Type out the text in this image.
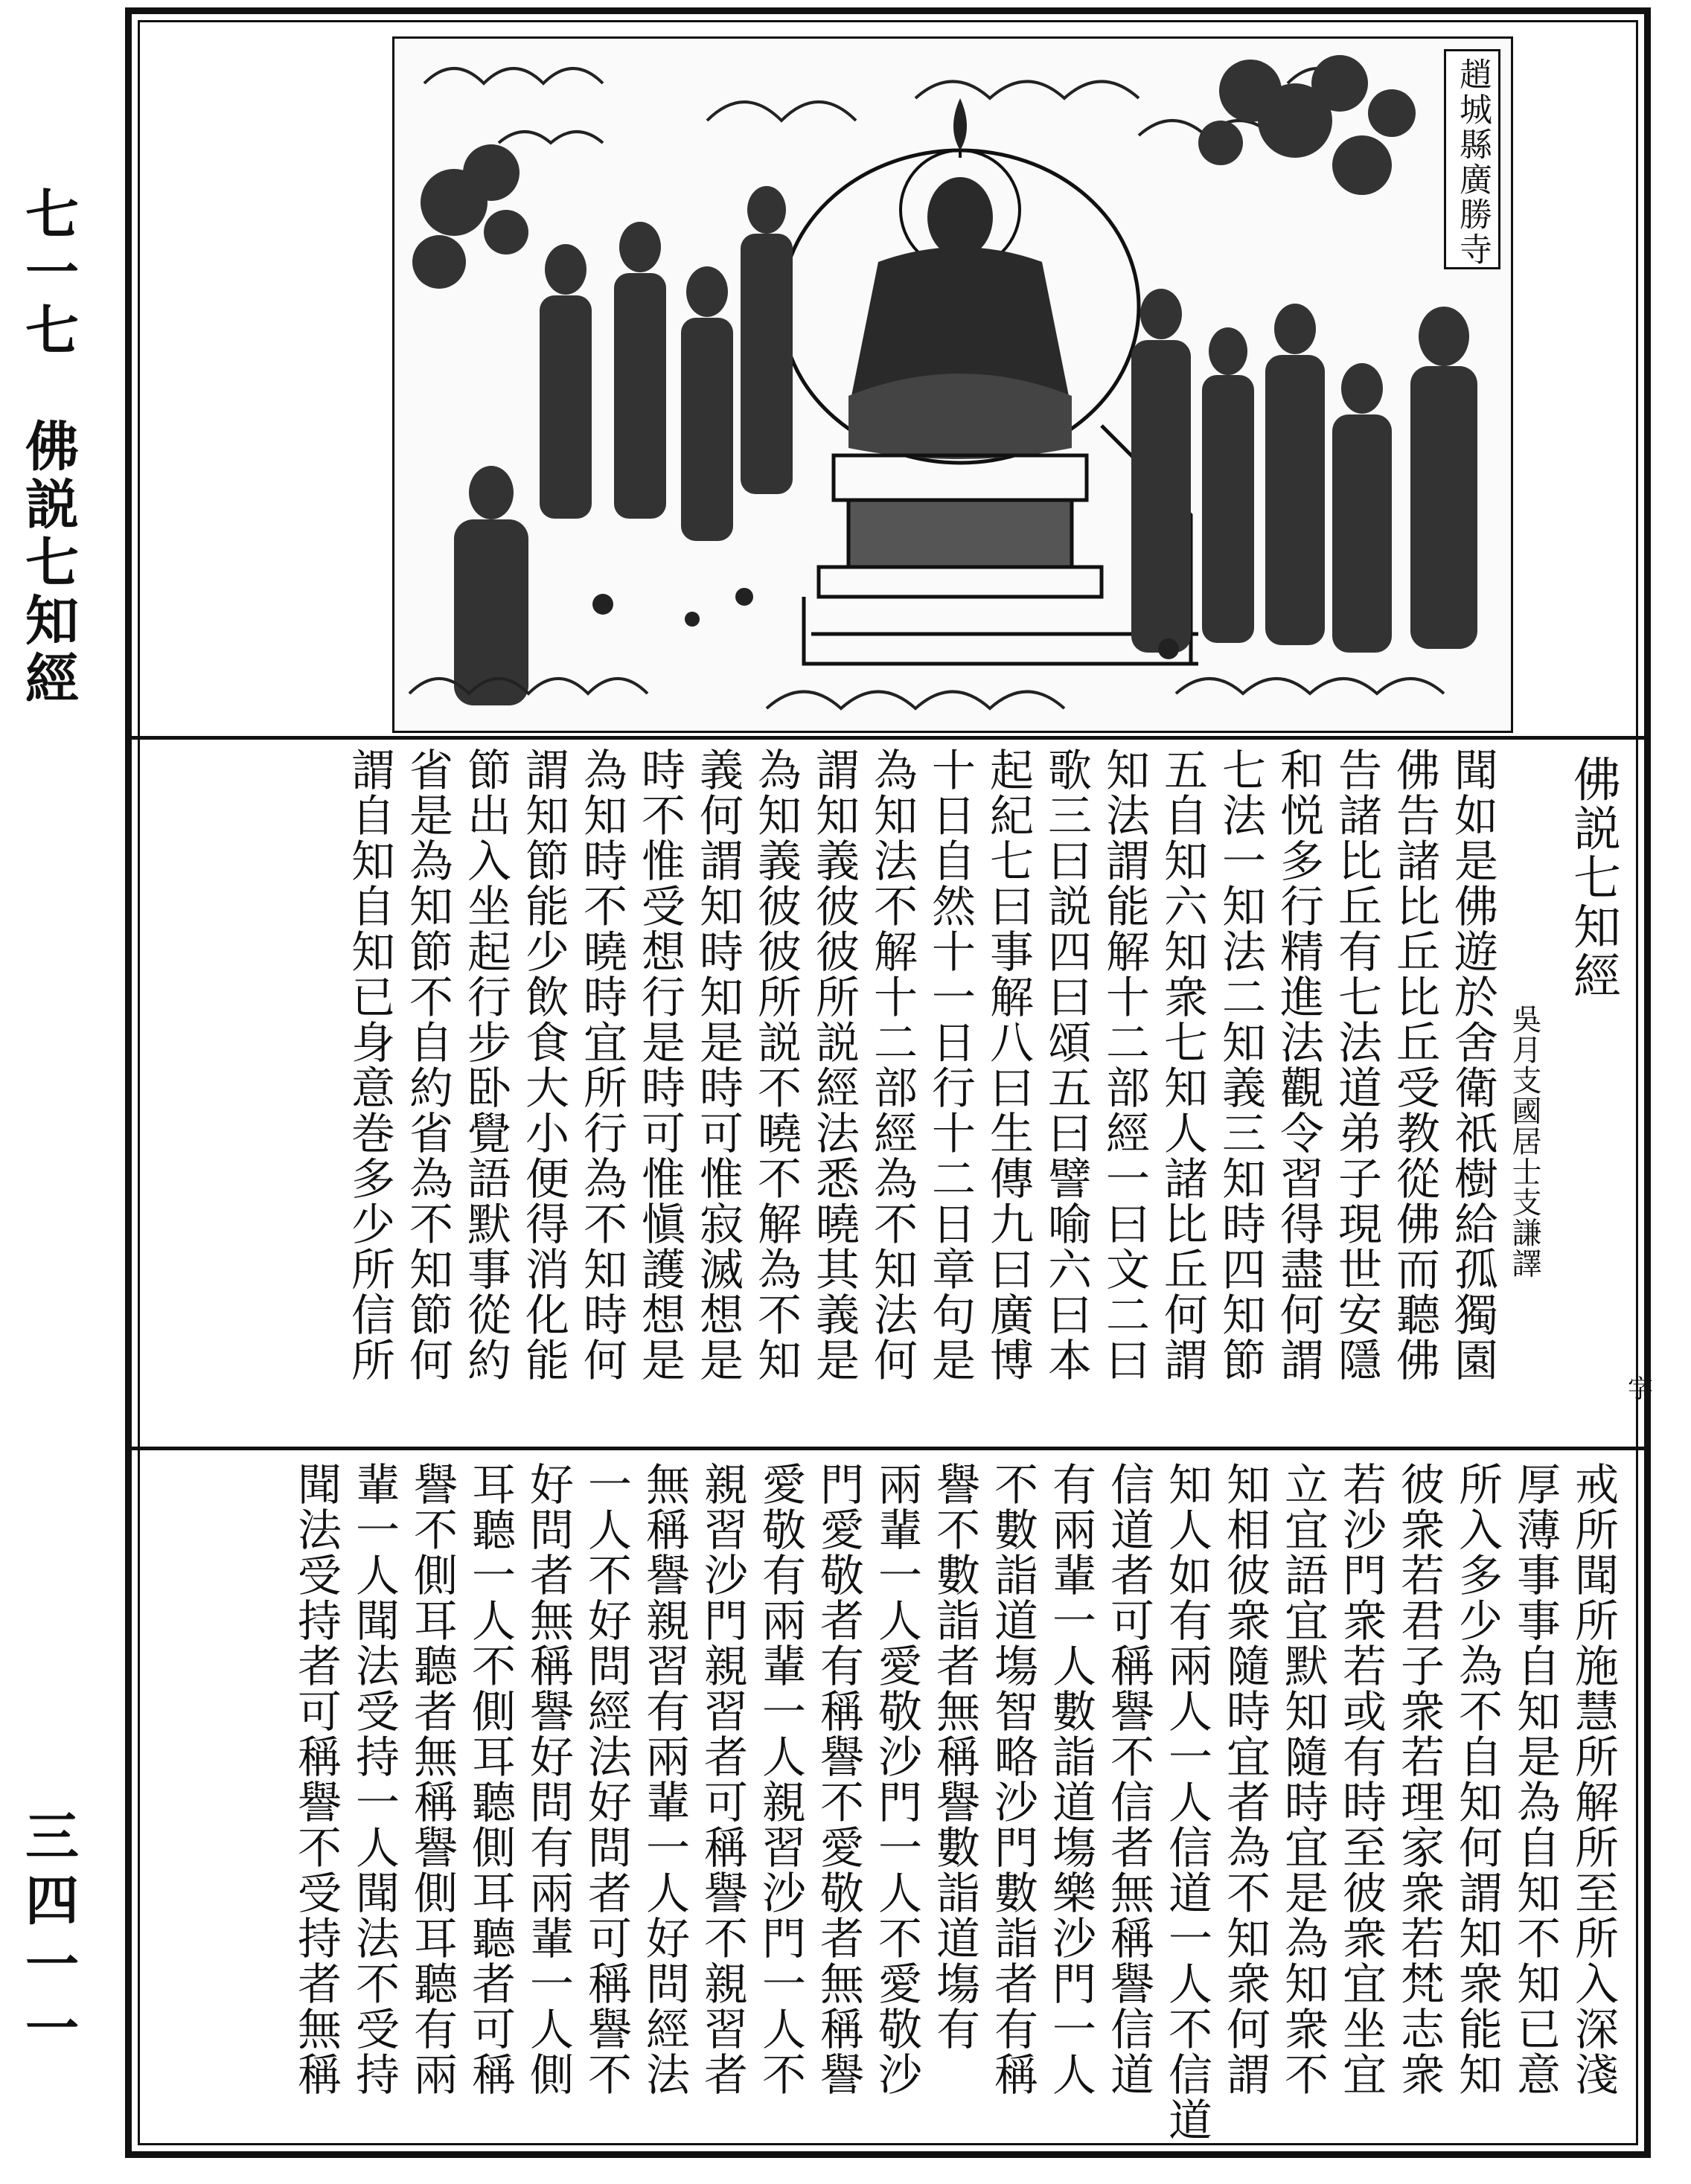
七一七　佛説七知經
三四一一
趙城縣廣勝寺
佛説七知經
吳月支國居士支謙譯
聞如是佛遊於舍衛祇樹給孤獨園
佛告諸比丘比丘受教從佛而聽佛
告諸比丘有七法道弟子現世安隱
和悦多行精進法觀令習得盡何謂
七法一知法二知義三知時四知節
五自知六知衆七知人諸比丘何謂
知法謂能解十二部經一曰文二曰
歌三曰説四曰頌五曰譬喻六曰本
起紀七曰事解八曰生傳九曰廣博
十日自然十一日行十二日章句是
為知法不解十二部經為不知法何
謂知義彼彼所説經法悉曉其義是
為知義彼彼所説不曉不解為不知
義何謂知時知是時可惟寂滅想是
時不惟受想行是時可惟愼護想是
為知時不曉時宜所行為不知時何
謂知節能少飲食大小便得消化能
節出入坐起行步卧覺語默事從約
省是為知節不自約省為不知節何
謂自知自知已身意巻多少所信所
字
戒所聞所施慧所解所至所入深淺
厚薄事事自知是為自知不知已意
所入多少為不自知何謂知衆能知
彼衆若君子衆若理家衆若梵志衆
若沙門衆若或有時至彼衆宜坐宜
立宜語宜默知隨時宜是為知衆不
知相彼衆隨時宜者為不知衆何謂
知人如有兩人一人信道一人不信道
信道者可稱譽不信者無稱譽信道
有兩輩一人數詣道塲樂沙門一人
不數詣道塲智略沙門數詣者有稱
譽不數詣者無稱譽數詣道塲有
兩輩一人愛敬沙門一人不愛敬沙
門愛敬者有稱譽不愛敬者無稱譽
愛敬有兩輩一人親習沙門一人不
親習沙門親習者可稱譽不親習者
無稱譽親習有兩輩一人好問經法
一人不好問經法好問者可稱譽不
好問者無稱譽好問有兩輩一人側
耳聽一人不側耳聽側耳聽者可稱
譽不側耳聽者無稱譽側耳聽有兩
輩一人聞法受持一人聞法不受持
聞法受持者可稱譽不受持者無稱
